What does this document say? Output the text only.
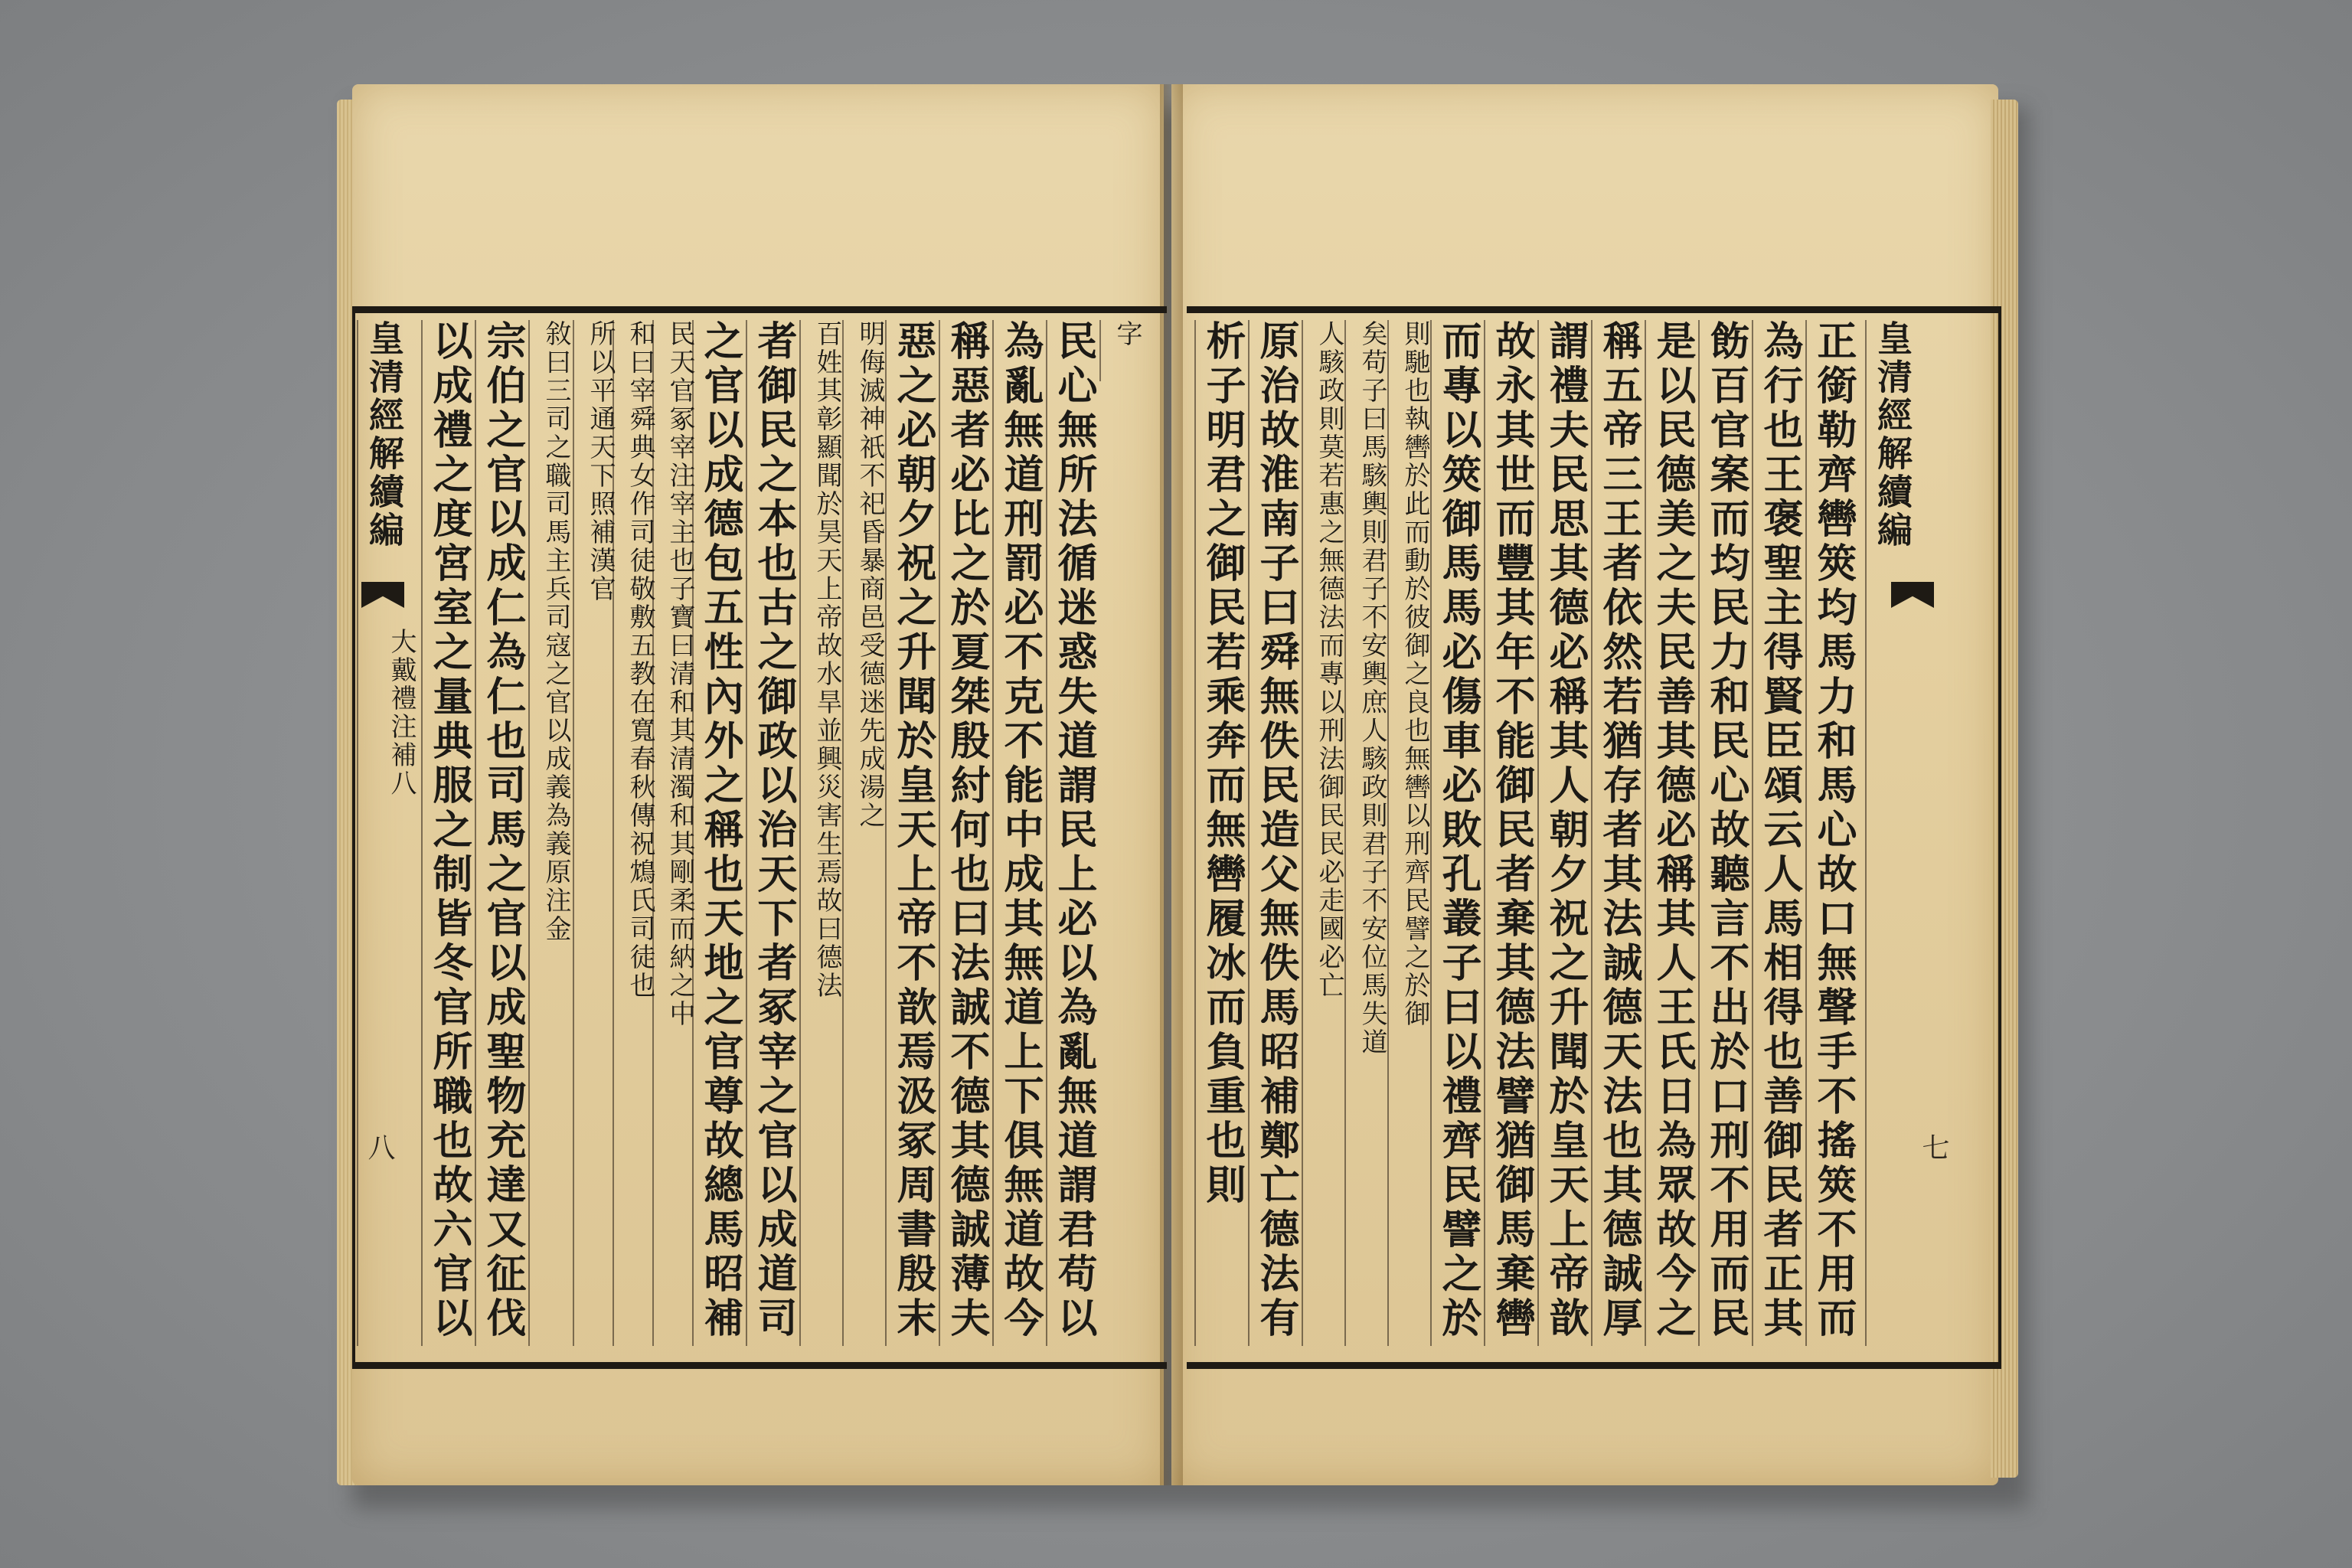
皇清經解續編
大戴禮注補八 以成禮之度宮室之量典服之制皆冬官所職也故六官以 宗伯之官以成仁為仁也司馬之官以成聖物充達又征伐
敘曰三司之職司馬主兵司寇之官以成義為義原注金 所以平通天下照補漢官 和曰宰舜典女作司徒敬敷五教在寬春秋傳祝鴆氏司徒也 民天官冢宰注宰主也子寶曰清和其清濁和其剛柔而納之中 之官以成德包五性內外之稱也天地之官尊故總馬昭補
者御民之本也古之御政以治天下者冢宰之官以成道司
百姓其彰顯聞於昊天上帝故水旱並興災害生焉故曰德法 明侮滅神祇不祀昏暴商邑受德迷先成湯之 惡之必朝夕祝之升聞於皇天上帝不歆焉汲冢周書殷末
稱惡者必比之於夏桀殷紂何也曰法誠不德其德誠薄夫
為亂無道刑罰必不克不能中成其無道上下俱無道故今 民心無所法循迷惑失道謂民上必以為亂無道謂君苟以 字
八	析子明君之御民若乘奔而無轡履冰而負重也則 原治故淮南子曰舜無佚民造父無佚馬昭補鄭亡德法有
人駭政則莫若惠之無德法而專以刑法御民民必走國必亡 矣苟子曰馬駭輿則君子不安輿庶人駭政則君子不安位馬失道 則馳也執轡於此而動於彼御之良也無轡以刑齊民譬之於御 而專以筴御馬馬必傷車必敗孔叢子曰以禮齊民譬之於
故永其世而豐其年不能御民者棄其德法譬猶御馬棄轡
謂禮夫民思其德必稱其人朝夕祝之升聞於皇天上帝歆
稱五帝三王者依然若猶存者其法誠德天法也其德誠厚
是以民德美之夫民善其德必稱其人王氏日為眾故今之
飭百官案而均民力和民心故聽言不出於口刑不用而民
為行也王褒聖主得賢臣頌云人馬相得也善御民者正其
正銜勒齊轡筴均馬力和馬心故口無聲手不搖筴不用而
皇清經解續編
七
